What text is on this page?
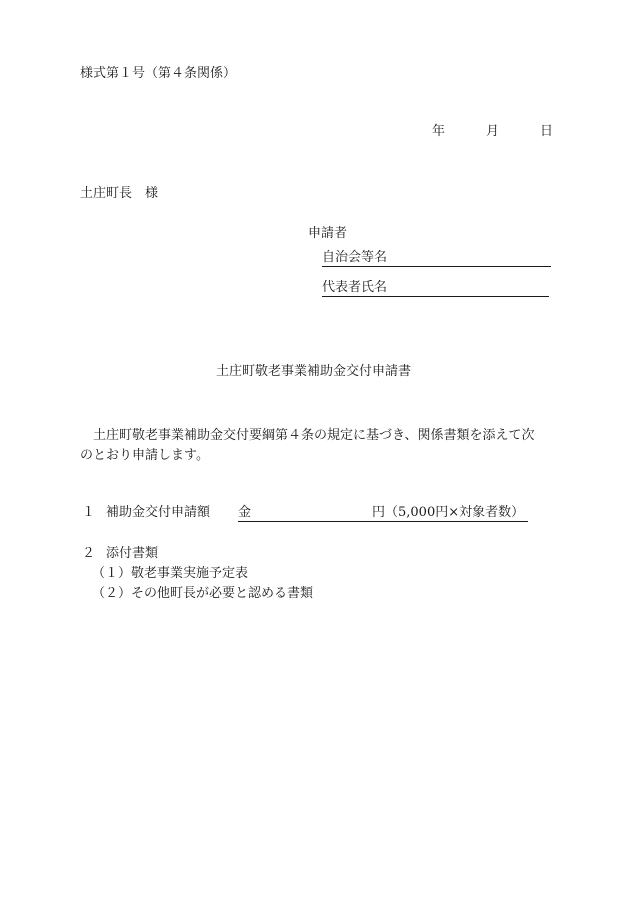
様式第１号（第４条関係）
年	月	日
土庄町長　様
申請者
自治会等名
代表者氏名
土庄町敬老事業補助金交付申請書
土庄町敬老事業補助金交付要綱第４条の規定に基づき、関係書類を添えて次
のとおり申請します。
１ 補助金交付申請額 金	円（5,000円×対象者数）
２ 添付書類
（１）敬老事業実施予定表
（２）その他町長が必要と認める書類
